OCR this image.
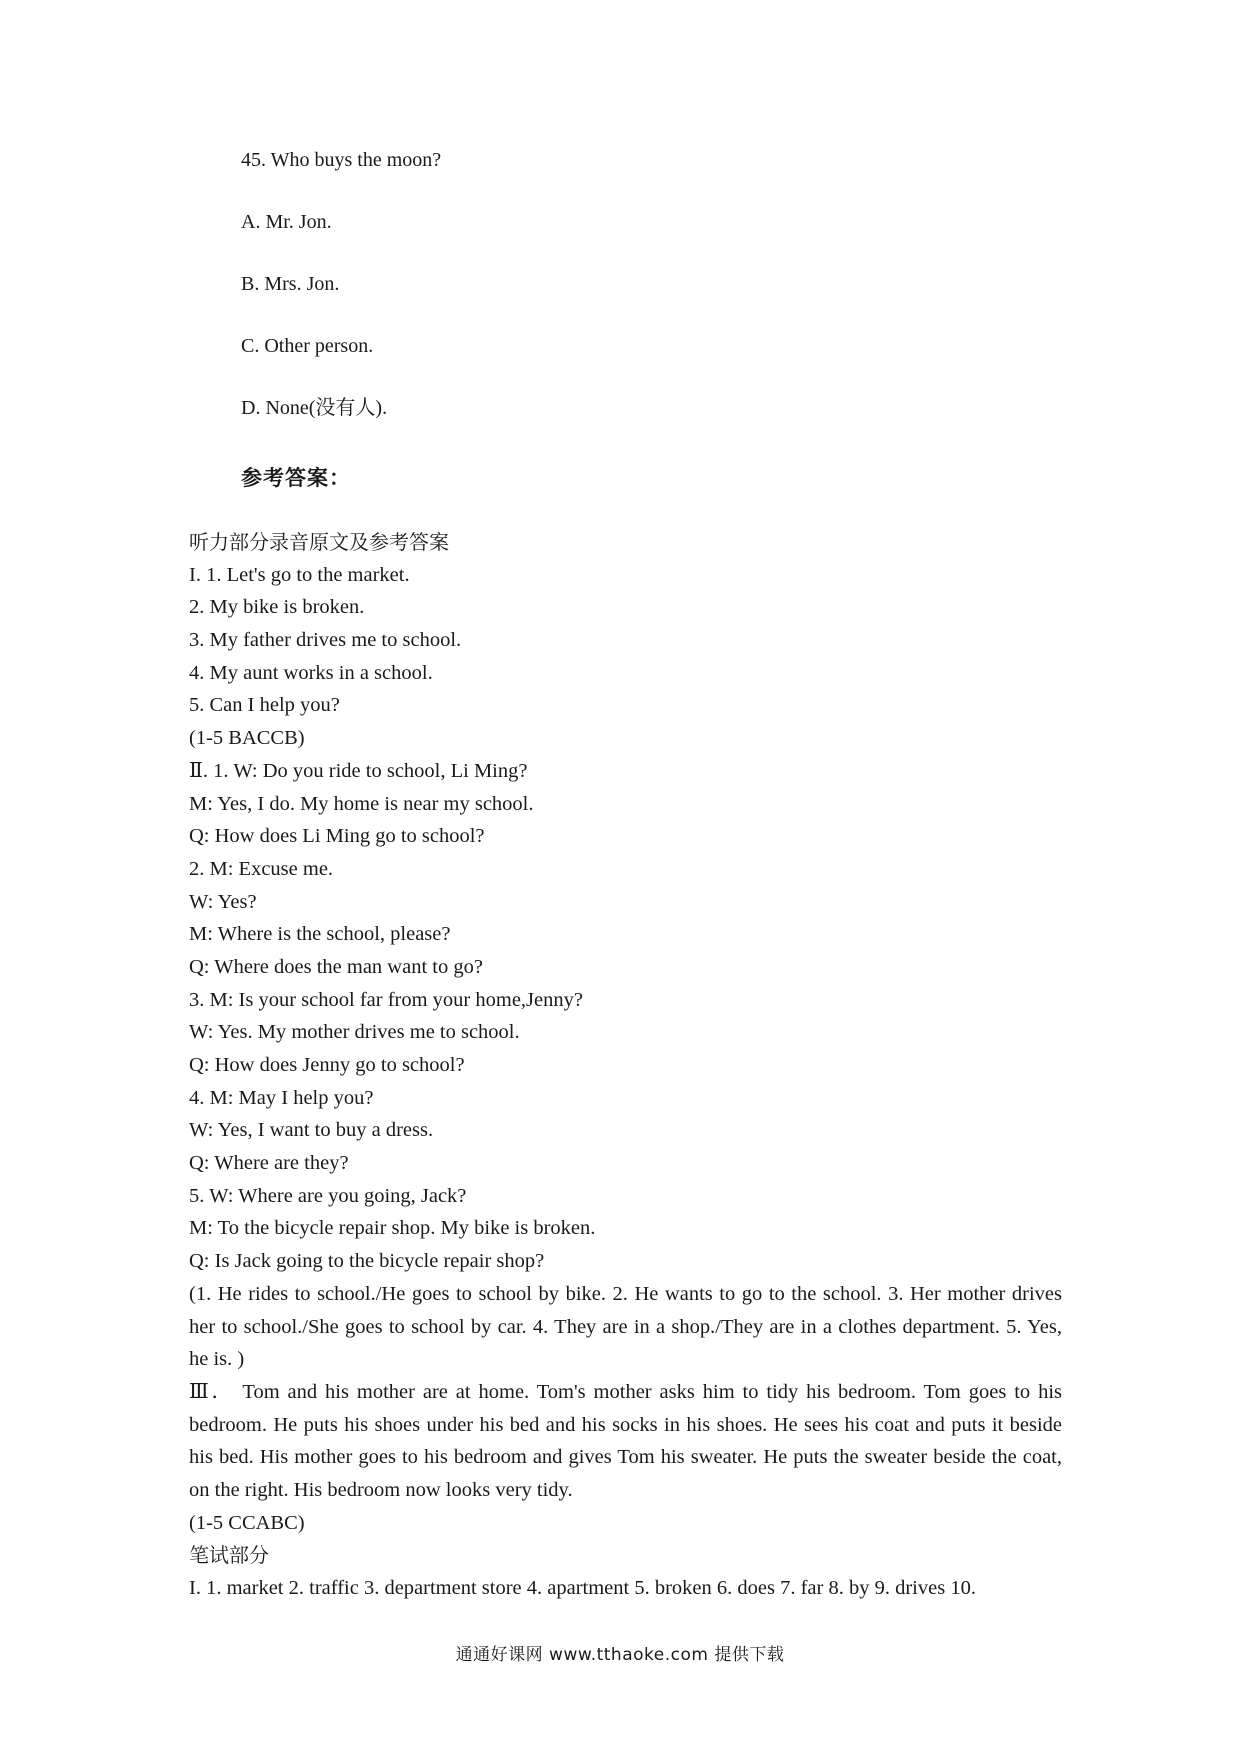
45. Who buys the moon?
A. Mr. Jon.
B. Mrs. Jon.
C. Other person.
D. None(没有人).
参考答案：
听力部分录音原文及参考答案
I. 1. Let's go to the market.
2. My bike is broken.
3. My father drives me to school.
4. My aunt works in a school.
5. Can I help you?
(1-5 BACCB)
Ⅱ. 1. W: Do you ride to school, Li Ming?
M: Yes, I do. My home is near my school.
Q: How does Li Ming go to school?
2. M: Excuse me.
W: Yes?
M: Where is the school, please?
Q: Where does the man want to go?
3. M: Is your school far from your home,Jenny?
W: Yes. My mother drives me to school.
Q: How does Jenny go to school?
4. M: May I help you?
W: Yes, I want to buy a dress.
Q: Where are they?
5. W: Where are you going, Jack?
M: To the bicycle repair shop. My bike is broken.
Q: Is Jack going to the bicycle repair shop?
(1. He rides to school./He goes to school by bike. 2. He wants to go to the school. 3. Her mother drives her to school./She goes to school by car. 4. They are in a shop./They are in a clothes department. 5. Yes, he is. )
Ⅲ． Tom and his mother are at home. Tom's mother asks him to tidy his bedroom. Tom goes to his bedroom. He puts his shoes under his bed and his socks in his shoes. He sees his coat and puts it beside his bed. His mother goes to his bedroom and gives Tom his sweater. He puts the sweater beside the coat, on the right. His bedroom now looks very tidy.
(1-5 CCABC)
笔试部分
I. 1. market 2. traffic 3. department store 4. apartment 5. broken 6. does 7. far 8. by 9. drives 10.
通通好课网 www.tthaoke.com 提供下载
